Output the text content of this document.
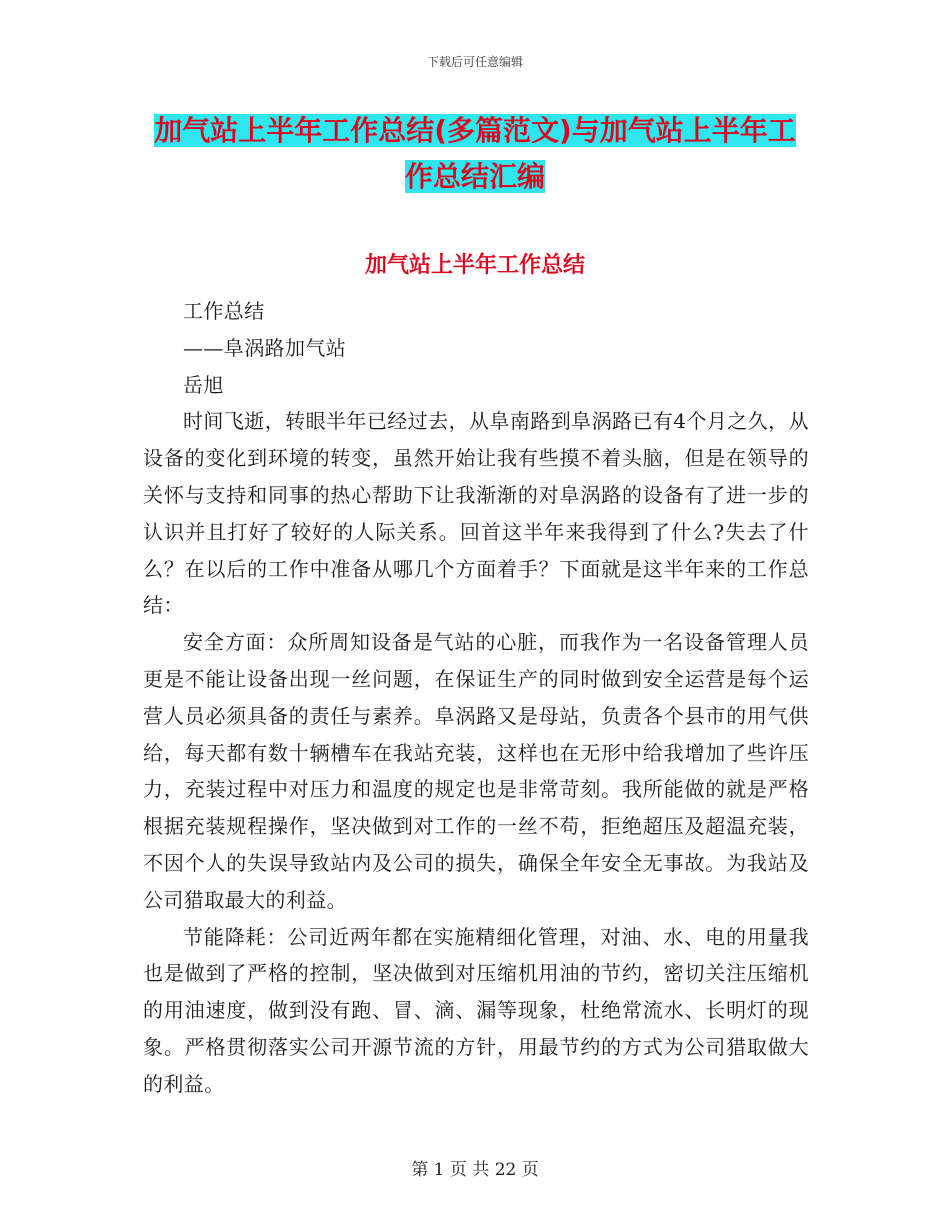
下载后可任意编辑
加气站上半年工作总结(多篇范文)与加气站上半年工
作总结汇编
加气站上半年工作总结

工作总结

——阜涡路加气站

岳旭

时间飞逝，转眼半年已经过去，从阜南路到阜涡路已有4个月之久，从设备的变化到环境的转变，虽然开始让我有些摸不着头脑，但是在领导的关怀与支持和同事的热心帮助下让我渐渐的对阜涡路的设备有了进一步的认识并且打好了较好的人际关系。回首这半年来我得到了什么?失去了什么？在以后的工作中准备从哪几个方面着手？下面就是这半年来的工作总结：

安全方面：众所周知设备是气站的心脏，而我作为一名设备管理人员更是不能让设备出现一丝问题，在保证生产的同时做到安全运营是每个运营人员必须具备的责任与素养。阜涡路又是母站，负责各个县市的用气供给，每天都有数十辆槽车在我站充装，这样也在无形中给我增加了些许压力，充装过程中对压力和温度的规定也是非常苛刻。我所能做的就是严格根据充装规程操作，坚决做到对工作的一丝不苟，拒绝超压及超温充装，不因个人的失误导致站内及公司的损失，确保全年安全无事故。为我站及公司猎取最大的利益。

节能降耗：公司近两年都在实施精细化管理，对油、水、电的用量我也是做到了严格的控制，坚决做到对压缩机用油的节约，密切关注压缩机的用油速度，做到没有跑、冒、滴、漏等现象，杜绝常流水、长明灯的现象。严格贯彻落实公司开源节流的方针，用最节约的方式为公司猎取做大的利益。

第 1 页 共 22 页
